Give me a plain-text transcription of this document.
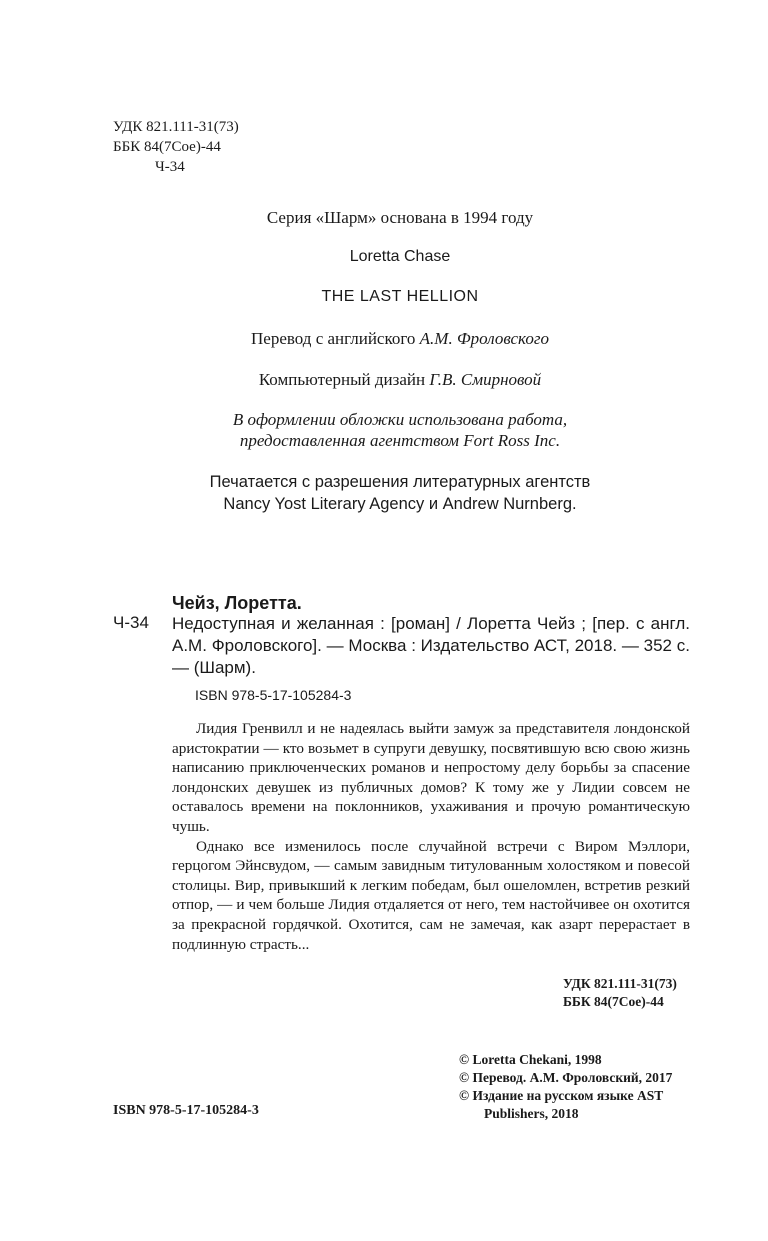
УДК 821.111-31(73)
ББК 84(7Сое)-44
Ч-34
Серия «Шарм» основана в 1994 году
Loretta Chase
THE LAST HELLION
Перевод с английского А.М. Фроловского
Компьютерный дизайн Г.В. Смирновой
В оформлении обложки использована работа,
предоставленная агентством Fort Ross Inc.
Печатается с разрешения литературных агентств
Nancy Yost Literary Agency и Andrew Nurnberg.
Чейз, Лоретта.
Ч-34 Недоступная и желанная : [роман] / Лоретта Чейз ; [пер. с англ. А.М. Фроловского]. — Москва : Издательство АСТ, 2018. — 352 с. — (Шарм).

ISBN 978-5-17-105284-3

Лидия Гренвилл и не надеялась выйти замуж за представителя лондонской аристократии — кто возьмет в супруги девушку, посвятившую всю свою жизнь написанию приключенческих романов и непростому делу борьбы за спасение лондонских девушек из публичных домов? К тому же у Лидии совсем не оставалось времени на поклонников, ухаживания и прочую романтическую чушь.

Однако все изменилось после случайной встречи с Виром Мэллори, герцогом Эйнсвудом, — самым завидным титулованным холостяком и повесой столицы. Вир, привыкший к легким победам, был ошеломлен, встретив резкий отпор, — и чем больше Лидия отдаляется от него, тем настойчивее он охотится за прекрасной гордячкой. Охотится, сам не замечая, как азарт перерастает в подлинную страсть...

УДК 821.111-31(73)
ББК 84(7Сое)-44
© Loretta Chekani, 1998
© Перевод. А.М. Фроловский, 2017
© Издание на русском языке AST
Publishers, 2018
ISBN 978-5-17-105284-3
